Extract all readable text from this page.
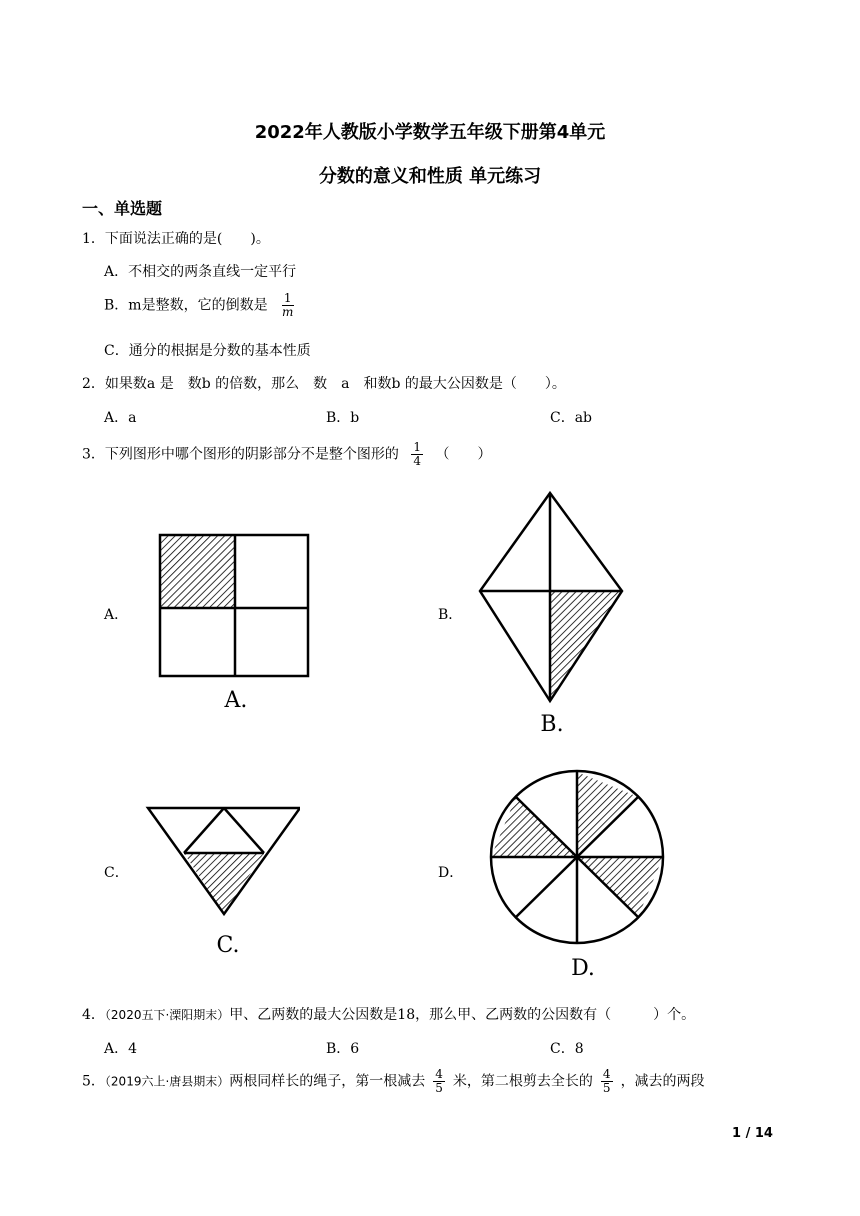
2022年人教版小学数学五年级下册第4单元
分数的意义和性质 单元练习
一、单选题
1．下面说法正确的是(　　)。
A．不相交的两条直线一定平行
B．m是整数，它的倒数是 $\frac{1}{m}$
C．通分的根据是分数的基本性质
2．如果数a 是　数b 的倍数，那么　数　a　和数b 的最大公因数是（　　）。
A．a	B．b	C．ab
3．下列图形中哪个图形的阴影部分不是整个图形的 $\frac{1}{4}$ （　　）
A．	B．
C．	D．
A.
B.
C.
D.
4．（2020五下·溧阳期末）甲、乙两数的最大公因数是18，那么甲、乙两数的公因数有（　　　）个。
A．4	B．6	C．8
5．（2019六上·唐县期末）两根同样长的绳子，第一根减去 $\frac{4}{5}$ 米，第二根剪去全长的 $\frac{4}{5}$ ，减去的两段
1 / 14
